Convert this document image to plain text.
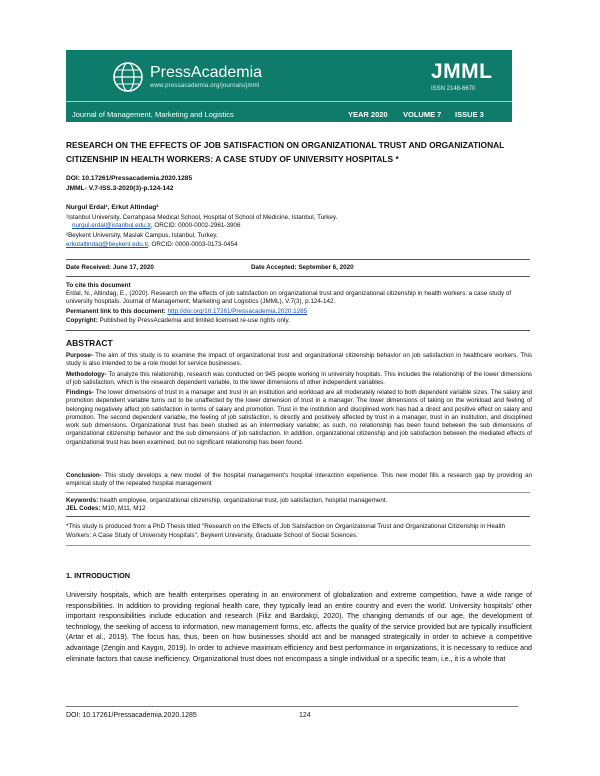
PressAcademia
www.pressacademia.org/journals/jmml
JMML
ISSN 2148-6670
Journal of Management, Marketing and Logistics	YEAR 2020 VOLUME 7 ISSUE 3
RESEARCH ON THE EFFECTS OF JOB SATISFACTION ON ORGANIZATIONAL TRUST AND ORGANIZATIONAL CITIZENSHIP IN HEALTH WORKERS: A CASE STUDY OF UNIVERSITY HOSPITALS *
DOI: 10.17261/Pressacademia.2020.1285
JMML- V.7-ISS.3-2020(3)-p.124-142
Nurgul Erdal¹, Erkut Altindag²
¹Istanbul University, Cerrahpasa Medical School, Hospital of School of Medicine, Istanbul, Turkey.
nurgul.erdal@istanbul.edu.tr, ORCID: 0000-0002-2961-3906
²Beykent University, Maslak Campus, Istanbul, Turkey.
erkutaltindag@beykent.edu.tr, ORCID: 0000-0003-0173-0454
Date Received: June 17, 2020	Date Accepted: September 6, 2020
To cite this document
Erdal, N., Altindag, E., (2020). Research on the effects of job satisfaction on organizational trust and organizational citizenship in health workers: a case study of university hospitals. Journal of Management, Marketing and Logistics (JMML), V.7(3), p.124-142.
Permanent link to this document: http://doi.org/10.17261/Pressacademia.2020.1285
Copyright: Published by PressAcademia and limited licensed re-use rights only.
ABSTRACT
Purpose- The aim of this study is to examine the impact of organizational trust and organizational citizenship behavior on job satisfaction in healthcare workers. This study is also intended to be a role model for service businesses.
Methodology- To analyze this relationship, research was conducted on 945 people working in university hospitals. This includes the relationship of the lower dimensions of job satisfaction, which is the research dependent variable, to the lower dimensions of other independent variables.
Findings- The lower dimensions of trust in a manager and trust in an institution and workload are all moderately related to both dependent variable sizes. The salary and promotion dependent variable turns out to be unaffected by the lower dimension of trust in a manager. The lower dimensions of taking on the workload and feeling of belonging negatively affect job satisfaction in terms of salary and promotion. Trust in the institution and disciplined work has had a direct and positive effect on salary and promotion. The second dependent variable, the feeling of job satisfaction, is directly and positively affected by trust in a manager, trust in an institution, and disciplined work sub dimensions. Organizational trust has been studied as an intermediary variable; as such, no relationship has been found between the sub dimensions of organizational citizenship behavior and the sub dimensions of job satisfaction. In addition, organizational citizenship and job satisfaction between the mediated effects of organizational trust has been examined, but no significant relationship has been found.
Conclusion- This study develops a new model of the hospital management's hospital interaction experience. This new model fills a research gap by providing an empirical study of the repeated hospital management
Keywords: health employee, organizational citizenship, organizational trust, job satisfaction, hospital management.
JEL Codes: M10, M11, M12
*This study is produced from a PhD Thesis titled "Research on the Effects of Job Satisfaction on Organizational Trust and Organizational Citizenship in Health Workers: A Case Study of University Hospitals", Beykent University, Graduate School of Social Sciences.
1. INTRODUCTION
University hospitals, which are health enterprises operating in an environment of globalization and extreme competition, have a wide range of responsibilities. In addition to providing regional health care, they typically lead an entire country and even the world. University hospitals' other important responsibilities include education and research (Filiz and Bardakçi, 2020). The changing demands of our age, the development of technology, the seeking of access to information, new management forms, etc. affects the quality of the service provided but are typically insufficient (Artar et al., 2019). The focus has, thus, been on how businesses should act and be managed strategically in order to achieve a competitive advantage (Zengin and Kaygın, 2019). In order to achieve maximum efficiency and best performance in organizations, it is necessary to reduce and eliminate factors that cause inefficiency. Organizational trust does not encompass a single individual or a specific team, i.e., it is a whole that
DOI: 10.17261/Pressacademia.2020.1285	124
